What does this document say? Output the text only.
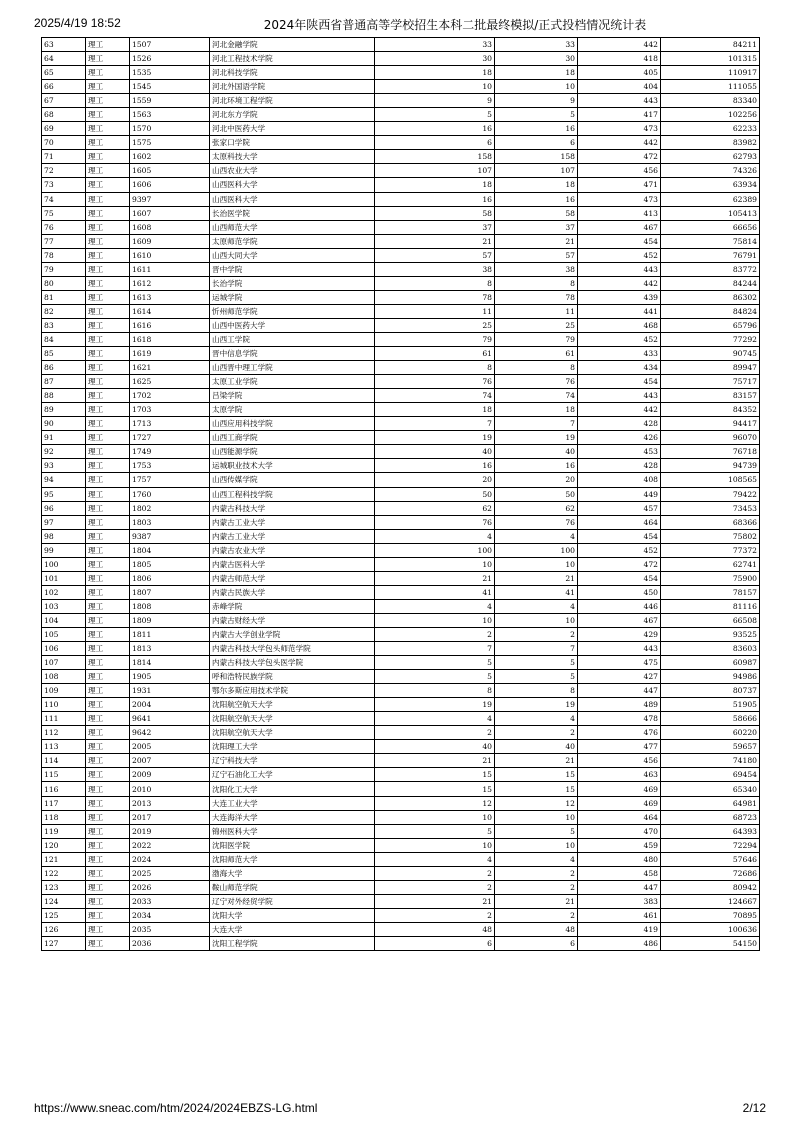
2025/4/19 18:52	2024年陕西省普通高等学校招生本科二批最终模拟/正式投档情况统计表
63	理工	1507	河北金融学院	33	33	442	84211
64	理工	1526	河北工程技术学院	30	30	418	101315
65	理工	1535	河北科技学院	18	18	405	110917
66	理工	1545	河北外国语学院	10	10	404	111055
67	理工	1559	河北环境工程学院	9	9	443	83340
68	理工	1563	河北东方学院	5	5	417	102256
69	理工	1570	河北中医药大学	16	16	473	62233
70	理工	1575	张家口学院	6	6	442	83982
71	理工	1602	太原科技大学	158	158	472	62793
72	理工	1605	山西农业大学	107	107	456	74326
73	理工	1606	山西医科大学	18	18	471	63934
74	理工	9397	山西医科大学	16	16	473	62389
75	理工	1607	长治医学院	58	58	413	105413
76	理工	1608	山西师范大学	37	37	467	66656
77	理工	1609	太原师范学院	21	21	454	75814
78	理工	1610	山西大同大学	57	57	452	76791
79	理工	1611	晋中学院	38	38	443	83772
80	理工	1612	长治学院	8	8	442	84244
81	理工	1613	运城学院	78	78	439	86302
82	理工	1614	忻州师范学院	11	11	441	84824
83	理工	1616	山西中医药大学	25	25	468	65796
84	理工	1618	山西工学院	79	79	452	77292
85	理工	1619	晋中信息学院	61	61	433	90745
86	理工	1621	山西晋中理工学院	8	8	434	89947
87	理工	1625	太原工业学院	76	76	454	75717
88	理工	1702	吕梁学院	74	74	443	83157
89	理工	1703	太原学院	18	18	442	84352
90	理工	1713	山西应用科技学院	7	7	428	94417
91	理工	1727	山西工商学院	19	19	426	96070
92	理工	1749	山西能源学院	40	40	453	76718
93	理工	1753	运城职业技术大学	16	16	428	94739
94	理工	1757	山西传媒学院	20	20	408	108565
95	理工	1760	山西工程科技学院	50	50	449	79422
96	理工	1802	内蒙古科技大学	62	62	457	73453
97	理工	1803	内蒙古工业大学	76	76	464	68366
98	理工	9387	内蒙古工业大学	4	4	454	75802
99	理工	1804	内蒙古农业大学	100	100	452	77372
100	理工	1805	内蒙古医科大学	10	10	472	62741
101	理工	1806	内蒙古师范大学	21	21	454	75900
102	理工	1807	内蒙古民族大学	41	41	450	78157
103	理工	1808	赤峰学院	4	4	446	81116
104	理工	1809	内蒙古财经大学	10	10	467	66508
105	理工	1811	内蒙古大学创业学院	2	2	429	93525
106	理工	1813	内蒙古科技大学包头师范学院	7	7	443	83603
107	理工	1814	内蒙古科技大学包头医学院	5	5	475	60987
108	理工	1905	呼和浩特民族学院	5	5	427	94986
109	理工	1931	鄂尔多斯应用技术学院	8	8	447	80737
110	理工	2004	沈阳航空航天大学	19	19	489	51905
111	理工	9641	沈阳航空航天大学	4	4	478	58666
112	理工	9642	沈阳航空航天大学	2	2	476	60220
113	理工	2005	沈阳理工大学	40	40	477	59657
114	理工	2007	辽宁科技大学	21	21	456	74180
115	理工	2009	辽宁石油化工大学	15	15	463	69454
116	理工	2010	沈阳化工大学	15	15	469	65340
117	理工	2013	大连工业大学	12	12	469	64981
118	理工	2017	大连海洋大学	10	10	464	68723
119	理工	2019	锦州医科大学	5	5	470	64393
120	理工	2022	沈阳医学院	10	10	459	72294
121	理工	2024	沈阳师范大学	4	4	480	57646
122	理工	2025	渤海大学	2	2	458	72686
123	理工	2026	鞍山师范学院	2	2	447	80942
124	理工	2033	辽宁对外经贸学院	21	21	383	124667
125	理工	2034	沈阳大学	2	2	461	70895
126	理工	2035	大连大学	48	48	419	100636
127	理工	2036	沈阳工程学院	6	6	486	54150
https://www.sneac.com/htm/2024/2024EBZS-LG.html	2/12
